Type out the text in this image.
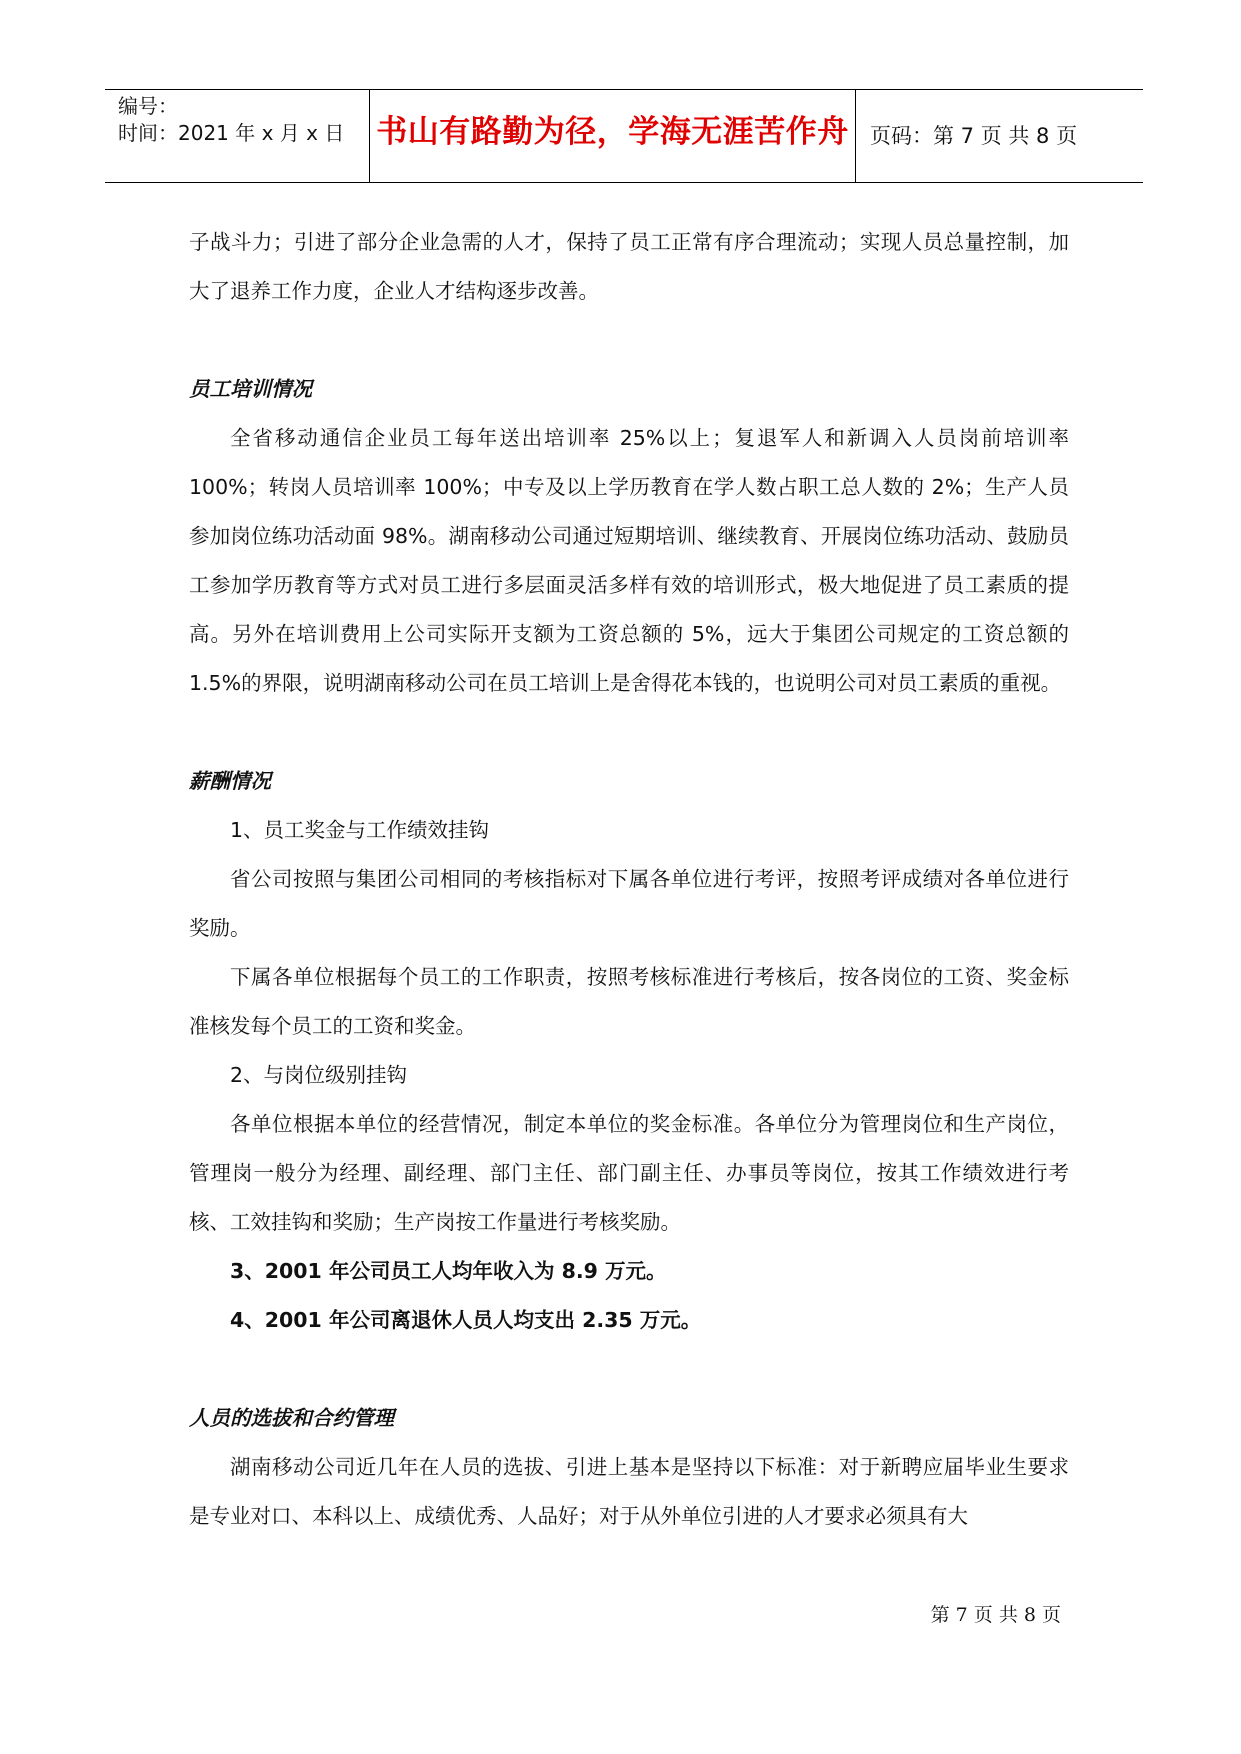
编号：
时间：2021 年 x 月 x 日 书山有路勤为径，学海无涯苦作舟 页码：第 7 页 共 8 页

子战斗力；引进了部分企业急需的人才，保持了员工正常有序合理流动；实现人员总量控制，加大了退养工作力度，企业人才结构逐步改善。

员工培训情况

全省移动通信企业员工每年送出培训率 25%以上；复退军人和新调入人员岗前培训率 100%；转岗人员培训率 100%；中专及以上学历教育在学人数占职工总人数的 2%；生产人员参加岗位练功活动面 98%。湖南移动公司通过短期培训、继续教育、开展岗位练功活动、鼓励员工参加学历教育等方式对员工进行多层面灵活多样有效的培训形式，极大地促进了员工素质的提高。另外在培训费用上公司实际开支额为工资总额的 5%，远大于集团公司规定的工资总额的 1.5%的界限，说明湖南移动公司在员工培训上是舍得花本钱的，也说明公司对员工素质的重视。

薪酬情况

1、员工奖金与工作绩效挂钩

省公司按照与集团公司相同的考核指标对下属各单位进行考评，按照考评成绩对各单位进行奖励。

下属各单位根据每个员工的工作职责，按照考核标准进行考核后，按各岗位的工资、奖金标准核发每个员工的工资和奖金。

2、与岗位级别挂钩

各单位根据本单位的经营情况，制定本单位的奖金标准。各单位分为管理岗位和生产岗位，管理岗一般分为经理、副经理、部门主任、部门副主任、办事员等岗位，按其工作绩效进行考核、工效挂钩和奖励；生产岗按工作量进行考核奖励。

3、2001 年公司员工人均年收入为 8.9 万元。

4、2001 年公司离退休人员人均支出 2.35 万元。

人员的选拔和合约管理

湖南移动公司近几年在人员的选拔、引进上基本是坚持以下标准：对于新聘应届毕业生要求是专业对口、本科以上、成绩优秀、人品好；对于从外单位引进的人才要求必须具有大

第 7 页 共 8 页
